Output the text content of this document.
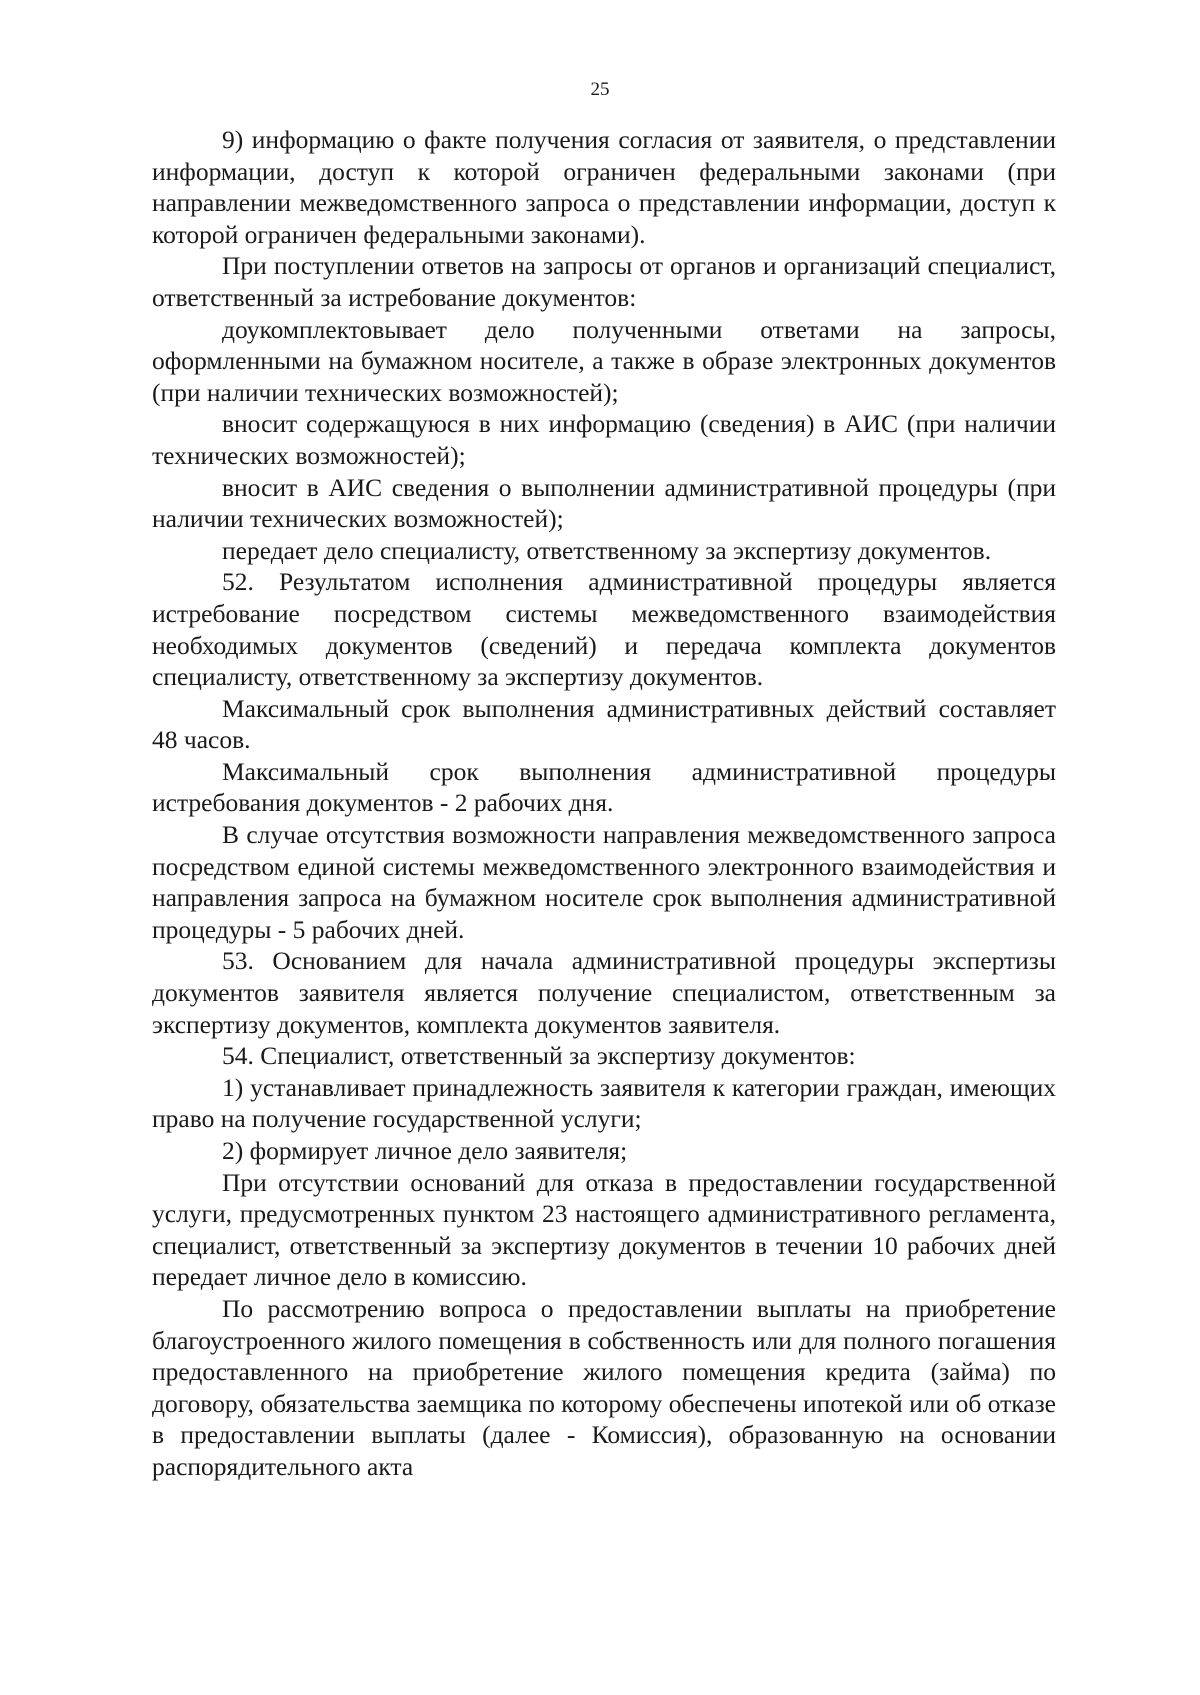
25

9) информацию о факте получения согласия от заявителя, о представлении информации, доступ к которой ограничен федеральными законами (при направлении межведомственного запроса о представлении информации, доступ к которой ограничен федеральными законами).

При поступлении ответов на запросы от органов и организаций специалист, ответственный за истребование документов:

доукомплектовывает дело полученными ответами на запросы, оформленными на бумажном носителе, а также в образе электронных документов (при наличии технических возможностей);

вносит содержащуюся в них информацию (сведения) в АИС (при наличии технических возможностей);

вносит в АИС сведения о выполнении административной процедуры (при наличии технических возможностей);

передает дело специалисту, ответственному за экспертизу документов.

52. Результатом исполнения административной процедуры является истребование посредством системы межведомственного взаимодействия необходимых документов (сведений) и передача комплекта документов специалисту, ответственному за экспертизу документов.

Максимальный срок выполнения административных действий составляет 48 часов.

Максимальный срок выполнения административной процедуры истребования документов - 2 рабочих дня.

В случае отсутствия возможности направления межведомственного запроса посредством единой системы межведомственного электронного взаимодействия и направления запроса на бумажном носителе срок выполнения административной процедуры - 5 рабочих дней.

53. Основанием для начала административной процедуры экспертизы документов заявителя является получение специалистом, ответственным за экспертизу документов, комплекта документов заявителя.

54. Специалист, ответственный за экспертизу документов:

1) устанавливает принадлежность заявителя к категории граждан, имеющих право на получение государственной услуги;

2) формирует личное дело заявителя;

При отсутствии оснований для отказа в предоставлении государственной услуги, предусмотренных пунктом 23 настоящего административного регламента, специалист, ответственный за экспертизу документов в течении 10 рабочих дней передает личное дело в комиссию.

По рассмотрению вопроса о предоставлении выплаты на приобретение благоустроенного жилого помещения в собственность или для полного погашения предоставленного на приобретение жилого помещения кредита (займа) по договору, обязательства заемщика по которому обеспечены ипотекой или об отказе в предоставлении выплаты (далее - Комиссия), образованную на основании распорядительного акта
